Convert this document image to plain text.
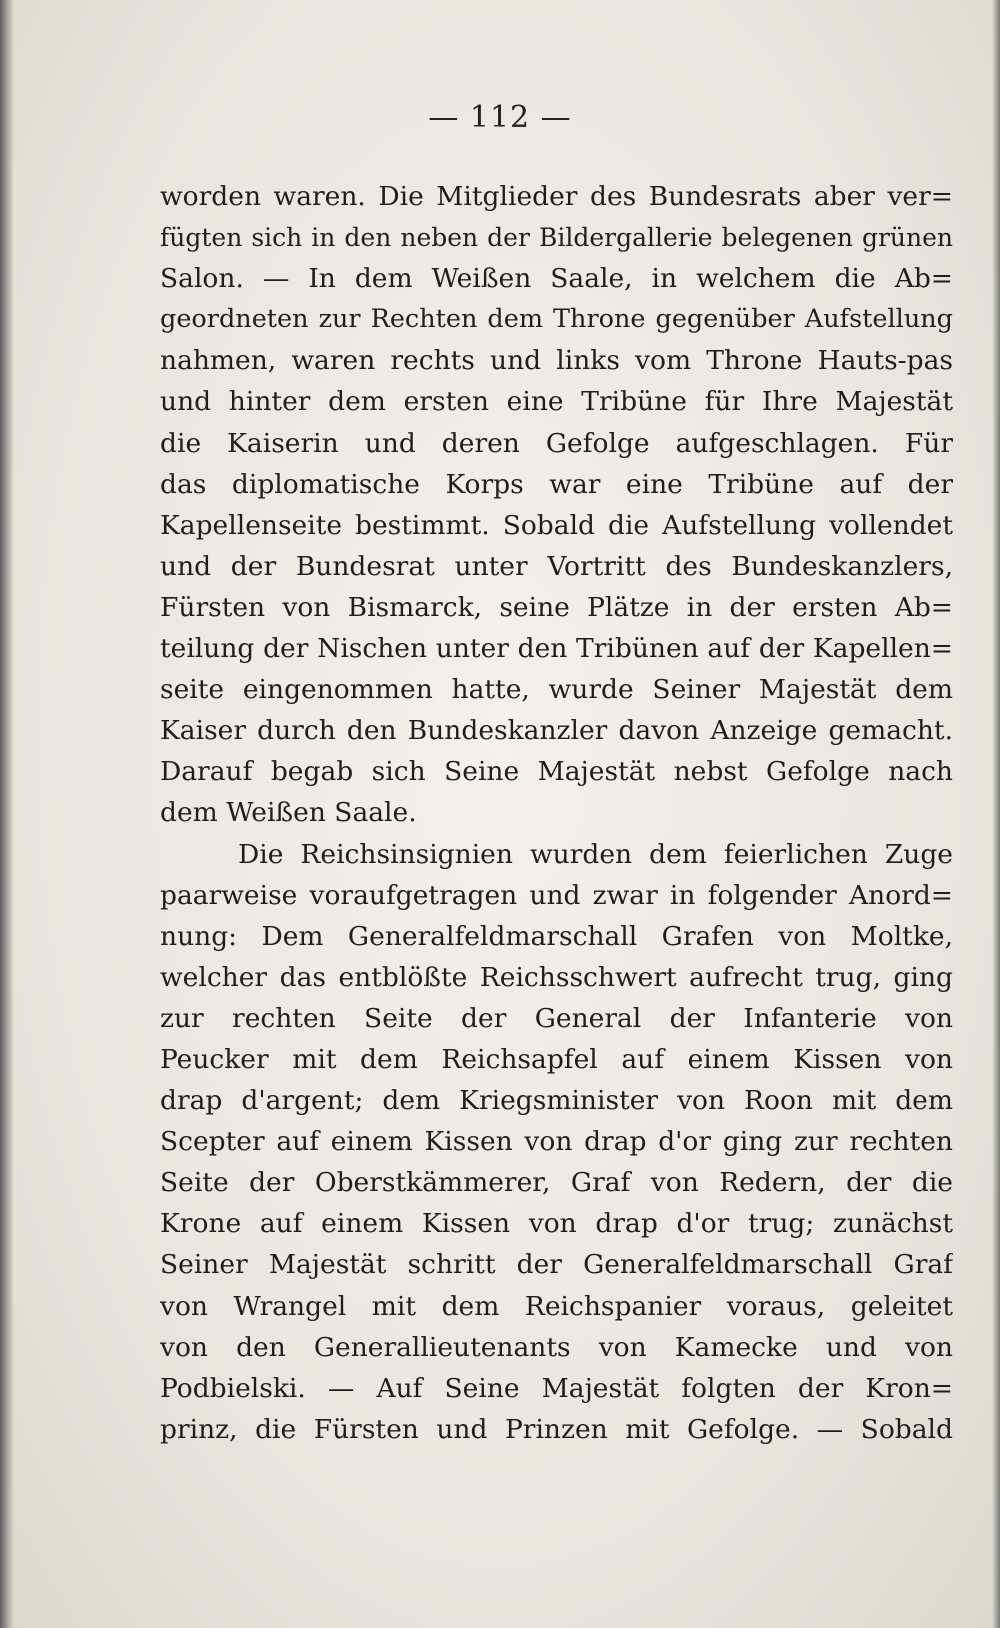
— 112 —
worden waren. Die Mitglieder des Bundesrats aber ver=
fügten sich in den neben der Bildergallerie belegenen grünen
Salon. — In dem Weißen Saale, in welchem die Ab=
geordneten zur Rechten dem Throne gegenüber Aufstellung
nahmen, waren rechts und links vom Throne Hauts-pas
und hinter dem ersten eine Tribüne für Ihre Majestät
die Kaiserin und deren Gefolge aufgeschlagen. Für
das diplomatische Korps war eine Tribüne auf der
Kapellenseite bestimmt. Sobald die Aufstellung vollendet
und der Bundesrat unter Vortritt des Bundeskanzlers,
Fürsten von Bismarck, seine Plätze in der ersten Ab=
teilung der Nischen unter den Tribünen auf der Kapellen=
seite eingenommen hatte, wurde Seiner Majestät dem
Kaiser durch den Bundeskanzler davon Anzeige gemacht.
Darauf begab sich Seine Majestät nebst Gefolge nach
dem Weißen Saale.
Die Reichsinsignien wurden dem feierlichen Zuge
paarweise voraufgetragen und zwar in folgender Anord=
nung: Dem Generalfeldmarschall Grafen von Moltke,
welcher das entblößte Reichsschwert aufrecht trug, ging
zur rechten Seite der General der Infanterie von
Peucker mit dem Reichsapfel auf einem Kissen von
drap d'argent; dem Kriegsminister von Roon mit dem
Scepter auf einem Kissen von drap d'or ging zur rechten
Seite der Oberstkämmerer, Graf von Redern, der die
Krone auf einem Kissen von drap d'or trug; zunächst
Seiner Majestät schritt der Generalfeldmarschall Graf
von Wrangel mit dem Reichspanier voraus, geleitet
von den Generallieutenants von Kamecke und von
Podbielski. — Auf Seine Majestät folgten der Kron=
prinz, die Fürsten und Prinzen mit Gefolge. — Sobald
